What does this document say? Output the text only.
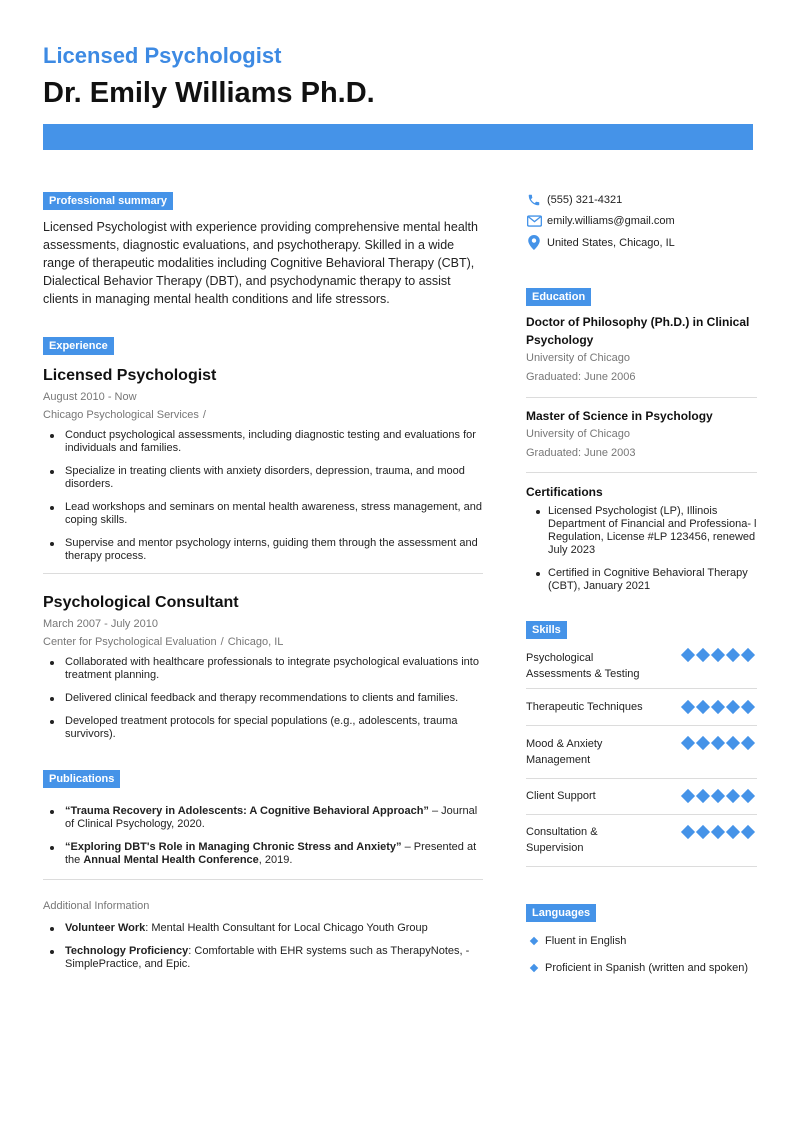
Licensed Psychologist
Dr. Emily Williams Ph.D.
Professional summary

Licensed Psychologist with experience providing comprehensive mental health assessments, diagnostic evaluations, and psychotherapy. Skilled in a wide range of therapeutic modalities including Cognitive Behavioral Therapy (CBT), Dialectical Behavior Therapy (DBT), and psychodynamic therapy to assist clients in managing mental health conditions and life stressors.

Experience
Licensed Psychologist
August 2010 - Now
Chicago Psychological Services /
Conduct psychological assessments, including diagnostic testing and evaluations for individuals and families.
Specialize in treating clients with anxiety disorders, depression, trauma, and mood disorders.
Lead workshops and seminars on mental health awareness, stress management, and coping skills.
Supervise and mentor psychology interns, guiding them through the assessment and therapy process.
Psychological Consultant
March 2007 - July 2010
Center for Psychological Evaluation / Chicago, IL
Collaborated with healthcare professionals to integrate psychological evaluations into treatment planning.
Delivered clinical feedback and therapy recommendations to clients and families.
Developed treatment protocols for special populations (e.g., adolescents, trauma survivors).
Publications
“Trauma Recovery in Adolescents: A Cognitive Behavioral Approach” – Journal of Clinical Psychology, 2020.
“Exploring DBT's Role in Managing Chronic Stress and Anxiety” – Presented at the Annual Mental Health Conference, 2019.
Additional Information
Volunteer Work: Mental Health Consultant for Local Chicago Youth Group
Technology Proficiency: Comfortable with EHR systems such as TherapyNotes, - SimplePractice, and Epic.
(555) 321-4321
emily.williams@gmail.com
United States, Chicago, IL
Education
Doctor of Philosophy (Ph.D.) in Clinical Psychology
University of Chicago
Graduated: June 2006
Master of Science in Psychology
University of Chicago
Graduated: June 2003
Certifications
Licensed Psychologist (LP), Illinois Department of Financial and Professiona- l Regulation, License #LP 123456, renewed July 2023
Certified in Cognitive Behavioral Therapy (CBT), January 2021
Skills
Psychological Assessments & Testing
Therapeutic Techniques
Mood & Anxiety Management
Client Support
Consultation & Supervision
Languages
Fluent in English
Proficient in Spanish (written and spoken)
